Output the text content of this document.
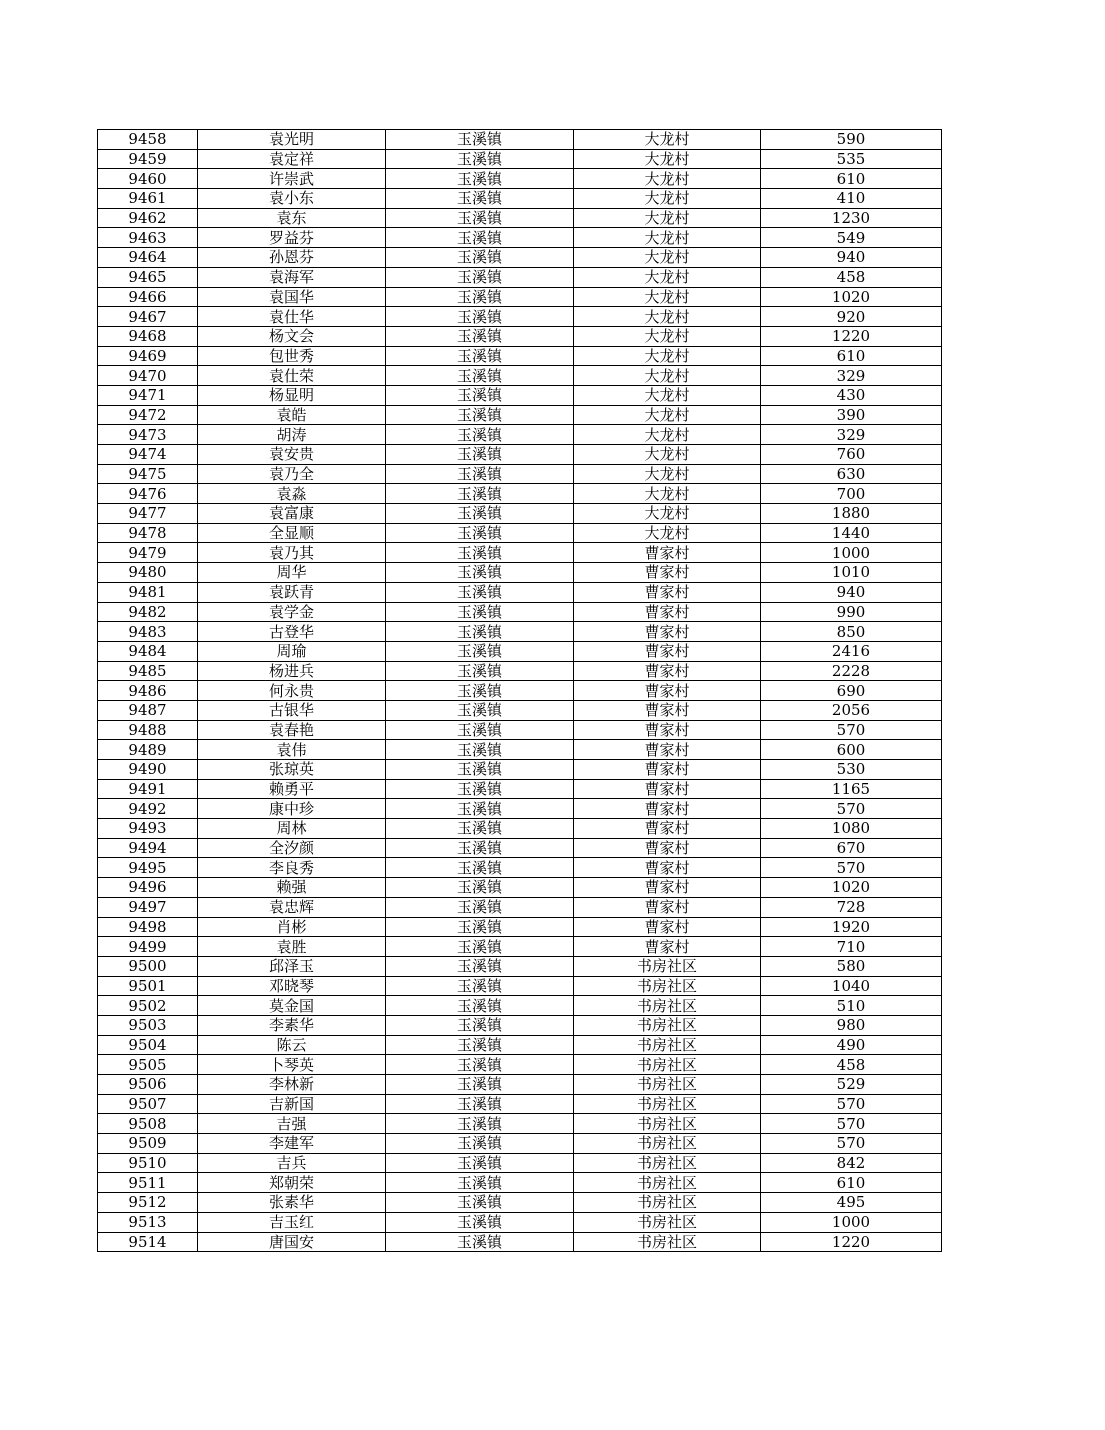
9458	袁光明	玉溪镇	大龙村	590
9459	袁定祥	玉溪镇	大龙村	535
9460	许崇武	玉溪镇	大龙村	610
9461	袁小东	玉溪镇	大龙村	410
9462	袁东	玉溪镇	大龙村	1230
9463	罗益芬	玉溪镇	大龙村	549
9464	孙恩芬	玉溪镇	大龙村	940
9465	袁海军	玉溪镇	大龙村	458
9466	袁国华	玉溪镇	大龙村	1020
9467	袁仕华	玉溪镇	大龙村	920
9468	杨文会	玉溪镇	大龙村	1220
9469	包世秀	玉溪镇	大龙村	610
9470	袁仕荣	玉溪镇	大龙村	329
9471	杨显明	玉溪镇	大龙村	430
9472	袁皓	玉溪镇	大龙村	390
9473	胡涛	玉溪镇	大龙村	329
9474	袁安贵	玉溪镇	大龙村	760
9475	袁乃全	玉溪镇	大龙村	630
9476	袁淼	玉溪镇	大龙村	700
9477	袁富康	玉溪镇	大龙村	1880
9478	全显顺	玉溪镇	大龙村	1440
9479	袁乃其	玉溪镇	曹家村	1000
9480	周华	玉溪镇	曹家村	1010
9481	袁跃青	玉溪镇	曹家村	940
9482	袁学金	玉溪镇	曹家村	990
9483	古登华	玉溪镇	曹家村	850
9484	周瑜	玉溪镇	曹家村	2416
9485	杨进兵	玉溪镇	曹家村	2228
9486	何永贵	玉溪镇	曹家村	690
9487	古银华	玉溪镇	曹家村	2056
9488	袁春艳	玉溪镇	曹家村	570
9489	袁伟	玉溪镇	曹家村	600
9490	张琼英	玉溪镇	曹家村	530
9491	赖勇平	玉溪镇	曹家村	1165
9492	康中珍	玉溪镇	曹家村	570
9493	周林	玉溪镇	曹家村	1080
9494	全汐颜	玉溪镇	曹家村	670
9495	李良秀	玉溪镇	曹家村	570
9496	赖强	玉溪镇	曹家村	1020
9497	袁忠辉	玉溪镇	曹家村	728
9498	肖彬	玉溪镇	曹家村	1920
9499	袁胜	玉溪镇	曹家村	710
9500	邱泽玉	玉溪镇	书房社区	580
9501	邓晓琴	玉溪镇	书房社区	1040
9502	莫金国	玉溪镇	书房社区	510
9503	李素华	玉溪镇	书房社区	980
9504	陈云	玉溪镇	书房社区	490
9505	卜琴英	玉溪镇	书房社区	458
9506	李林新	玉溪镇	书房社区	529
9507	吉新国	玉溪镇	书房社区	570
9508	吉强	玉溪镇	书房社区	570
9509	李建军	玉溪镇	书房社区	570
9510	吉兵	玉溪镇	书房社区	842
9511	郑朝荣	玉溪镇	书房社区	610
9512	张素华	玉溪镇	书房社区	495
9513	吉玉红	玉溪镇	书房社区	1000
9514	唐国安	玉溪镇	书房社区	1220
